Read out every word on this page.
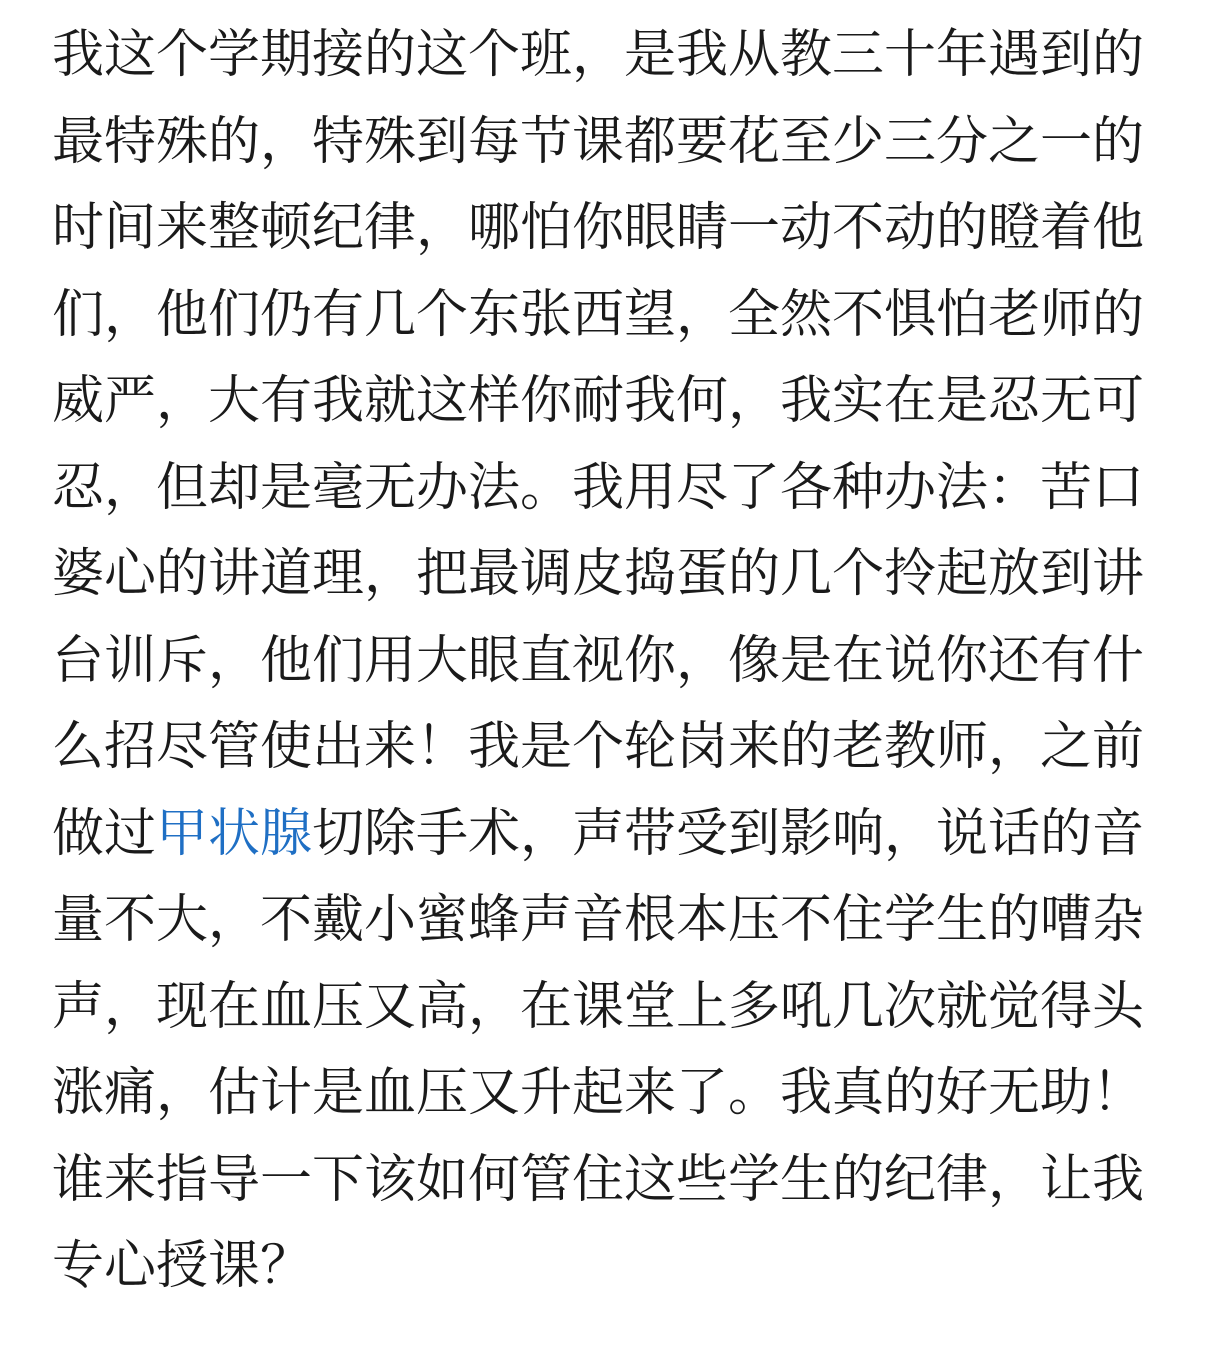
我这个学期接的这个班，是我从教三十年遇到的
最特殊的，特殊到每节课都要花至少三分之一的
时间来整顿纪律，哪怕你眼睛一动不动的瞪着他
们，他们仍有几个东张西望，全然不惧怕老师的
威严，大有我就这样你耐我何，我实在是忍无可
忍，但却是毫无办法。我用尽了各种办法：苦口
婆心的讲道理，把最调皮捣蛋的几个拎起放到讲
台训斥，他们用大眼直视你，像是在说你还有什
么招尽管使出来！我是个轮岗来的老教师，之前
做过甲状腺切除手术，声带受到影响，说话的音
量不大，不戴小蜜蜂声音根本压不住学生的嘈杂
声，现在血压又高，在课堂上多吼几次就觉得头
涨痛，估计是血压又升起来了。我真的好无助！
谁来指导一下该如何管住这些学生的纪律，让我
专心授课？
